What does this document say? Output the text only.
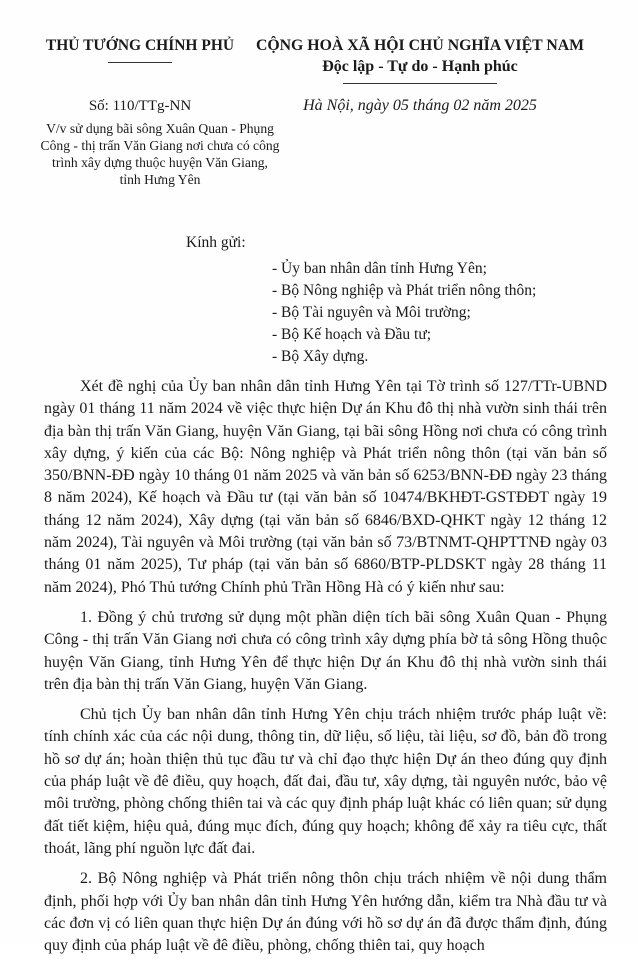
THỦ TƯỚNG CHÍNH PHỦ	CỘNG HOÀ XÃ HỘI CHỦ NGHĨA VIỆT NAM
Độc lập - Tự do - Hạnh phúc
Số: 110/TTg-NN
V/v sử dụng bãi sông Xuân Quan - Phụng Công - thị trấn Văn Giang nơi chưa có công trình xây dựng thuộc huyện Văn Giang, tỉnh Hưng Yên
Hà Nội, ngày 05 tháng 02 năm 2025
Kính gửi:
- Ủy ban nhân dân tỉnh Hưng Yên;
- Bộ Nông nghiệp và Phát triển nông thôn;
- Bộ Tài nguyên và Môi trường;
- Bộ Kế hoạch và Đầu tư;
- Bộ Xây dựng.

Xét đề nghị của Ủy ban nhân dân tỉnh Hưng Yên tại Tờ trình số 127/TTr-UBND ngày 01 tháng 11 năm 2024 về việc thực hiện Dự án Khu đô thị nhà vườn sinh thái trên địa bàn thị trấn Văn Giang, huyện Văn Giang, tại bãi sông Hồng nơi chưa có công trình xây dựng, ý kiến của các Bộ: Nông nghiệp và Phát triển nông thôn (tại văn bản số 350/BNN-ĐĐ ngày 10 tháng 01 năm 2025 và văn bản số 6253/BNN-ĐĐ ngày 23 tháng 8 năm 2024), Kế hoạch và Đầu tư (tại văn bản số 10474/BKHĐT-GSTĐĐT ngày 19 tháng 12 năm 2024), Xây dựng (tại văn bản số 6846/BXD-QHKT ngày 12 tháng 12 năm 2024), Tài nguyên và Môi trường (tại văn bản số 73/BTNMT-QHPTTNĐ ngày 03 tháng 01 năm 2025), Tư pháp (tại văn bản số 6860/BTP-PLDSKT ngày 28 tháng 11 năm 2024), Phó Thủ tướng Chính phủ Trần Hồng Hà có ý kiến như sau:

1. Đồng ý chủ trương sử dụng một phần diện tích bãi sông Xuân Quan - Phụng Công - thị trấn Văn Giang nơi chưa có công trình xây dựng phía bờ tả sông Hồng thuộc huyện Văn Giang, tỉnh Hưng Yên để thực hiện Dự án Khu đô thị nhà vườn sinh thái trên địa bàn thị trấn Văn Giang, huyện Văn Giang.

Chủ tịch Ủy ban nhân dân tỉnh Hưng Yên chịu trách nhiệm trước pháp luật về: tính chính xác của các nội dung, thông tin, dữ liệu, số liệu, tài liệu, sơ đồ, bản đồ trong hồ sơ dự án; hoàn thiện thủ tục đầu tư và chỉ đạo thực hiện Dự án theo đúng quy định của pháp luật về đê điều, quy hoạch, đất đai, đầu tư, xây dựng, tài nguyên nước, bảo vệ môi trường, phòng chống thiên tai và các quy định pháp luật khác có liên quan; sử dụng đất tiết kiệm, hiệu quả, đúng mục đích, đúng quy hoạch; không để xảy ra tiêu cực, thất thoát, lãng phí nguồn lực đất đai.

2. Bộ Nông nghiệp và Phát triển nông thôn chịu trách nhiệm về nội dung thẩm định, phối hợp với Ủy ban nhân dân tỉnh Hưng Yên hướng dẫn, kiểm tra Nhà đầu tư và các đơn vị có liên quan thực hiện Dự án đúng với hồ sơ dự án đã được thẩm định, đúng quy định của pháp luật về đê điều, phòng, chống thiên tai, quy hoạch
